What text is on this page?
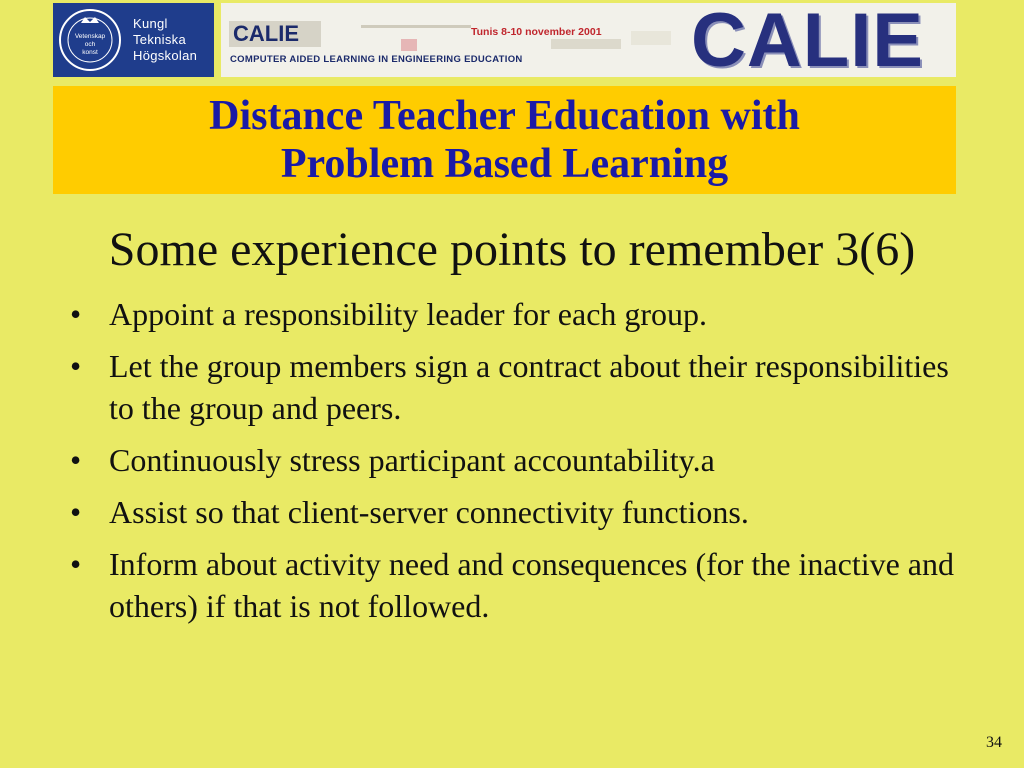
Vetenskap
och
konst
Kungl
Tekniska
Högskolan
CALIE
COMPUTER AIDED LEARNING IN ENGINEERING EDUCATION
Tunis 8-10 november 2001 CALIE
Distance Teacher Education with
Problem Based Learning
Some experience points to remember 3(6)
• Appoint a responsibility leader for each group.
• Let the group members sign a contract about their responsibilities to the group and peers.
• Continuously stress participant accountability.a
• Assist so that client-server connectivity functions.
• Inform about activity need and consequences (for the inactive and others) if that is not followed.
34
